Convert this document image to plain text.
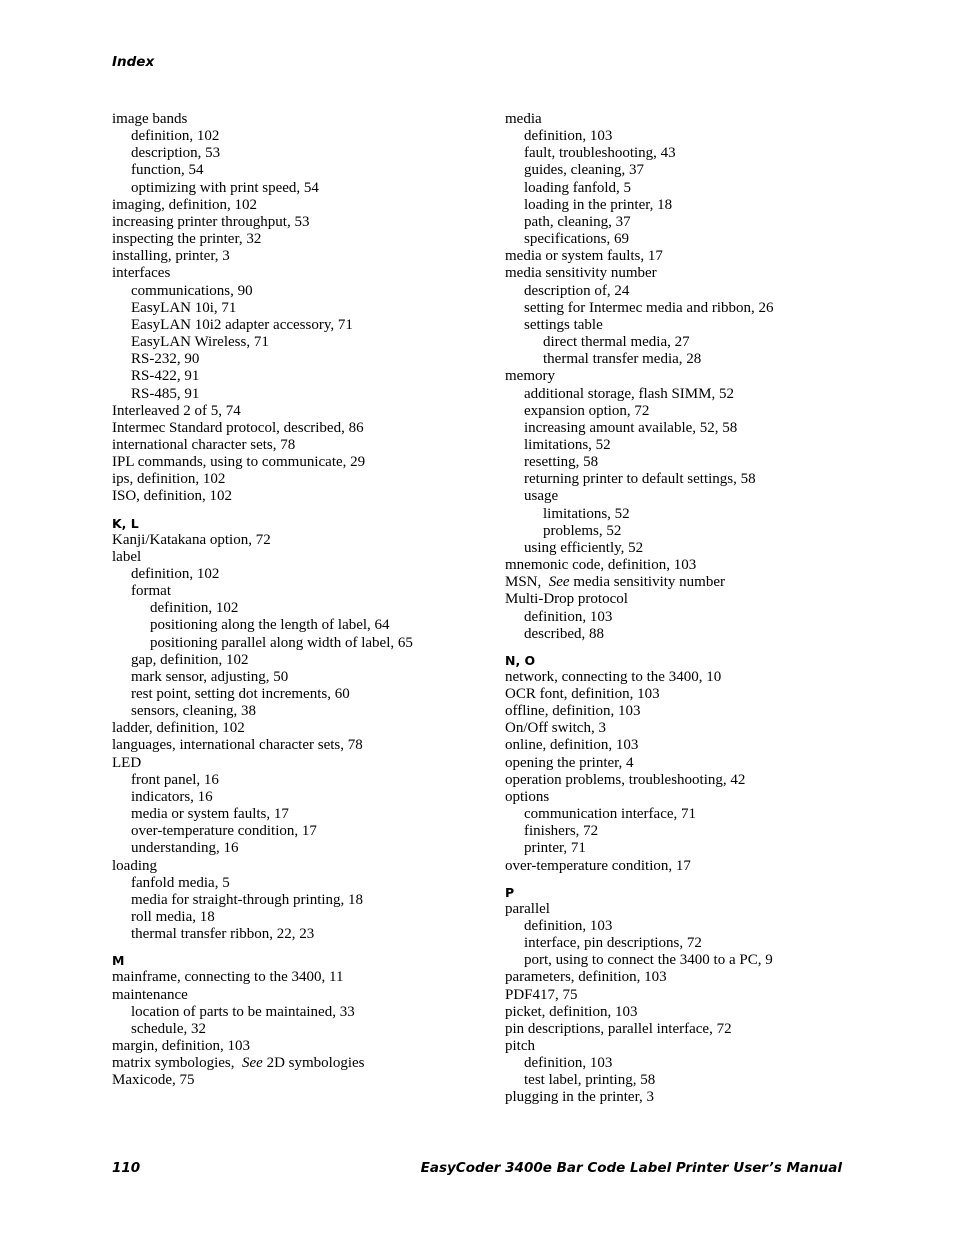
Index
image bands
definition, 102
description, 53
function, 54
optimizing with print speed, 54
imaging, definition, 102
increasing printer throughput, 53
inspecting the printer, 32
installing, printer, 3
interfaces
communications, 90
EasyLAN 10i, 71
EasyLAN 10i2 adapter accessory, 71
EasyLAN Wireless, 71
RS-232, 90
RS-422, 91
RS-485, 91
Interleaved 2 of 5, 74
Intermec Standard protocol, described, 86
international character sets, 78
IPL commands, using to communicate, 29
ips, definition, 102
ISO, definition, 102
K, L
Kanji/Katakana option, 72
label
definition, 102
format
definition, 102
positioning along the length of label, 64
positioning parallel along width of label, 65
gap, definition, 102
mark sensor, adjusting, 50
rest point, setting dot increments, 60
sensors, cleaning, 38
ladder, definition, 102
languages, international character sets, 78
LED
front panel, 16
indicators, 16
media or system faults, 17
over-temperature condition, 17
understanding, 16
loading
fanfold media, 5
media for straight-through printing, 18
roll media, 18
thermal transfer ribbon, 22, 23
M
mainframe, connecting to the 3400, 11
maintenance
location of parts to be maintained, 33
schedule, 32
margin, definition, 103
matrix symbologies,  See 2D symbologies
Maxicode, 75
media
definition, 103
fault, troubleshooting, 43
guides, cleaning, 37
loading fanfold, 5
loading in the printer, 18
path, cleaning, 37
specifications, 69
media or system faults, 17
media sensitivity number
description of, 24
setting for Intermec media and ribbon, 26
settings table
direct thermal media, 27
thermal transfer media, 28
memory
additional storage, flash SIMM, 52
expansion option, 72
increasing amount available, 52, 58
limitations, 52
resetting, 58
returning printer to default settings, 58
usage
limitations, 52
problems, 52
using efficiently, 52
mnemonic code, definition, 103
MSN,  See media sensitivity number
Multi-Drop protocol
definition, 103
described, 88
N, O
network, connecting to the 3400, 10
OCR font, definition, 103
offline, definition, 103
On/Off switch, 3
online, definition, 103
opening the printer, 4
operation problems, troubleshooting, 42
options
communication interface, 71
finishers, 72
printer, 71
over-temperature condition, 17
P
parallel
definition, 103
interface, pin descriptions, 72
port, using to connect the 3400 to a PC, 9
parameters, definition, 103
PDF417, 75
picket, definition, 103
pin descriptions, parallel interface, 72
pitch
definition, 103
test label, printing, 58
plugging in the printer, 3
110	EasyCoder 3400e Bar Code Label Printer User’s Manual
